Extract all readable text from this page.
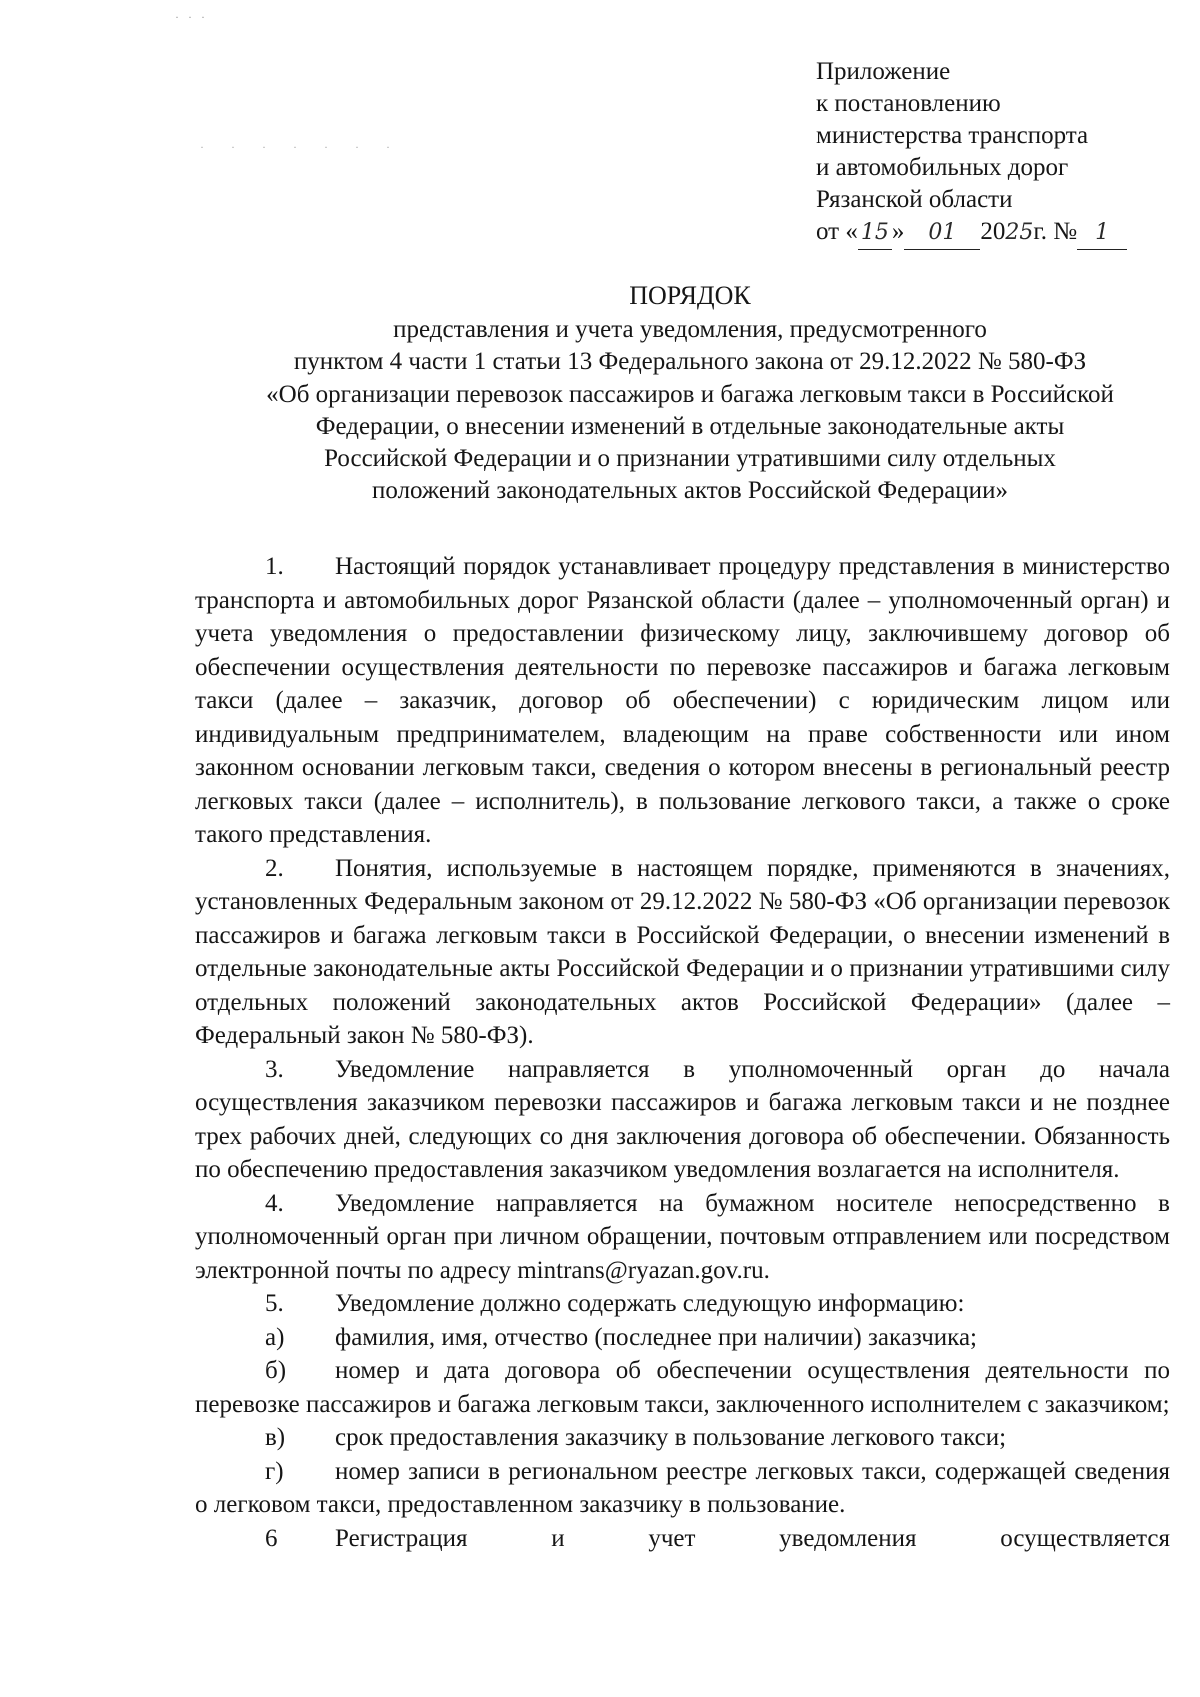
· · ·
· · · · · · ·
Приложение
к постановлению
министерства транспорта
и автомобильных дорог
Рязанской области
от « 15 » 01 2025г. № 1
ПОРЯДОК
представления и учета уведомления, предусмотренного
пунктом 4 части 1 статьи 13 Федерального закона от 29.12.2022 № 580-ФЗ
«Об организации перевозок пассажиров и багажа легковым такси в Российской
Федерации, о внесении изменений в отдельные законодательные акты
Российской Федерации и о признании утратившими силу отдельных
положений законодательных актов Российской Федерации»
1. Настоящий порядок устанавливает процедуру представления в министерство транспорта и автомобильных дорог Рязанской области (далее – уполномоченный орган) и учета уведомления о предоставлении физическому лицу, заключившему договор об обеспечении осуществления деятельности по перевозке пассажиров и багажа легковым такси (далее – заказчик, договор об обеспечении) с юридическим лицом или индивидуальным предпринимателем, владеющим на праве собственности или ином законном основании легковым такси, сведения о котором внесены в региональный реестр легковых такси (далее – исполнитель), в пользование легкового такси, а также о сроке такого представления.
2. Понятия, используемые в настоящем порядке, применяются в значениях, установленных Федеральным законом от 29.12.2022 № 580-ФЗ «Об организации перевозок пассажиров и багажа легковым такси в Российской Федерации, о внесении изменений в отдельные законодательные акты Российской Федерации и о признании утратившими силу отдельных положений законодательных актов Российской Федерации» (далее – Федеральный закон № 580-ФЗ).
3. Уведомление направляется в уполномоченный орган до начала осуществления заказчиком перевозки пассажиров и багажа легковым такси и не позднее трех рабочих дней, следующих со дня заключения договора об обеспечении. Обязанность по обеспечению предоставления заказчиком уведомления возлагается на исполнителя.
4. Уведомление направляется на бумажном носителе непосредственно в уполномоченный орган при личном обращении, почтовым отправлением или посредством электронной почты по адресу mintrans@ryazan.gov.ru.
5. Уведомление должно содержать следующую информацию:
а) фамилия, имя, отчество (последнее при наличии) заказчика;
б) номер и дата договора об обеспечении осуществления деятельности по перевозке пассажиров и багажа легковым такси, заключенного исполнителем с заказчиком;
в) срок предоставления заказчику в пользование легкового такси;
г) номер записи в региональном реестре легковых такси, содержащей сведения о легковом такси, предоставленном заказчику в пользование.
6 Регистрация и учет уведомления осуществляется
